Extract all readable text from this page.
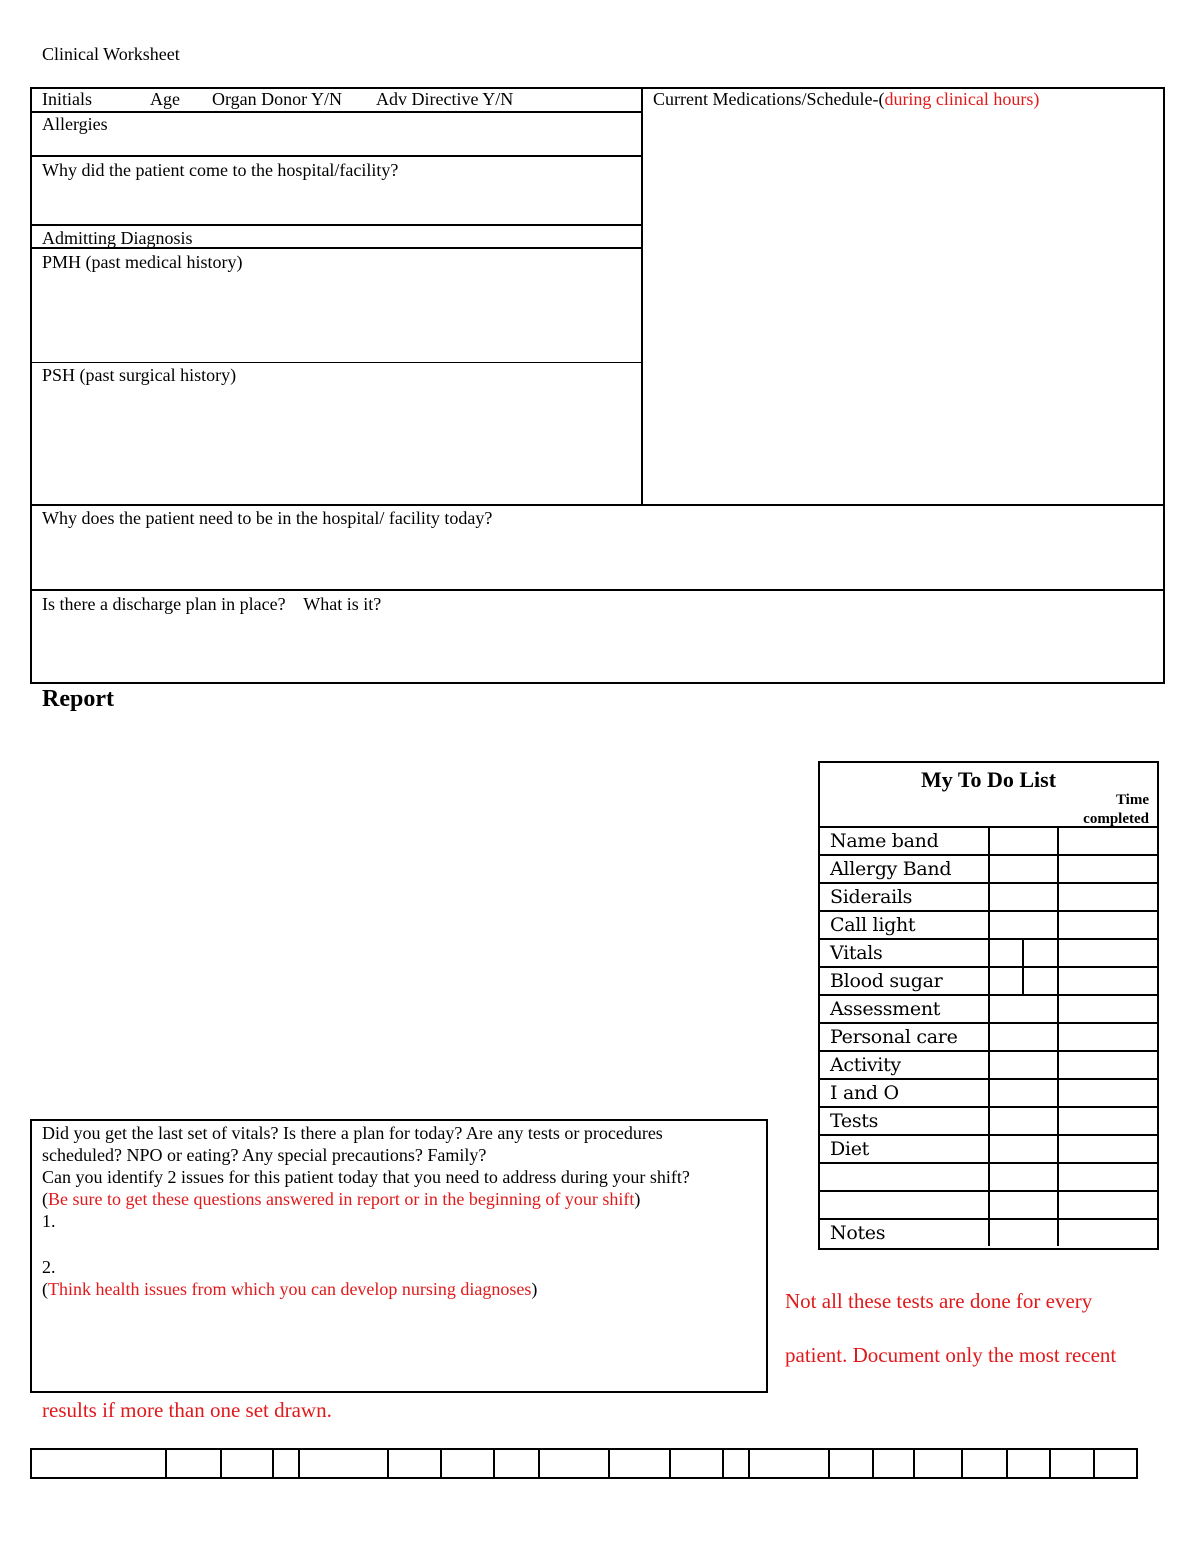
Clinical Worksheet
Initials	Age Organ Donor Y/N Adv Directive Y/N
Allergies
Why did the patient come to the hospital/facility?
Admitting Diagnosis
PMH (past medical history)
PSH (past surgical history)
Why does the patient need to be in the hospital/ facility today?
Is there a discharge plan in place?    What is it?
Current Medications/Schedule-(during clinical hours)
Report
My To Do List
Time completed
Name band
Allergy Band
Siderails
Call light
Vitals
Blood sugar
Assessment
Personal care
Activity
I and O
Tests
Diet
Notes
Did you get the last set of vitals? Is there a plan for today? Are any tests or procedures
scheduled? NPO or eating? Any special precautions? Family?
Can you identify 2 issues for this patient today that you need to address during your shift?
(Be sure to get these questions answered in report or in the beginning of your shift)
1.
2.
(Think health issues from which you can develop nursing diagnoses)	Not all these tests are done for every
patient. Document only the most recent
results if more than one set drawn.
